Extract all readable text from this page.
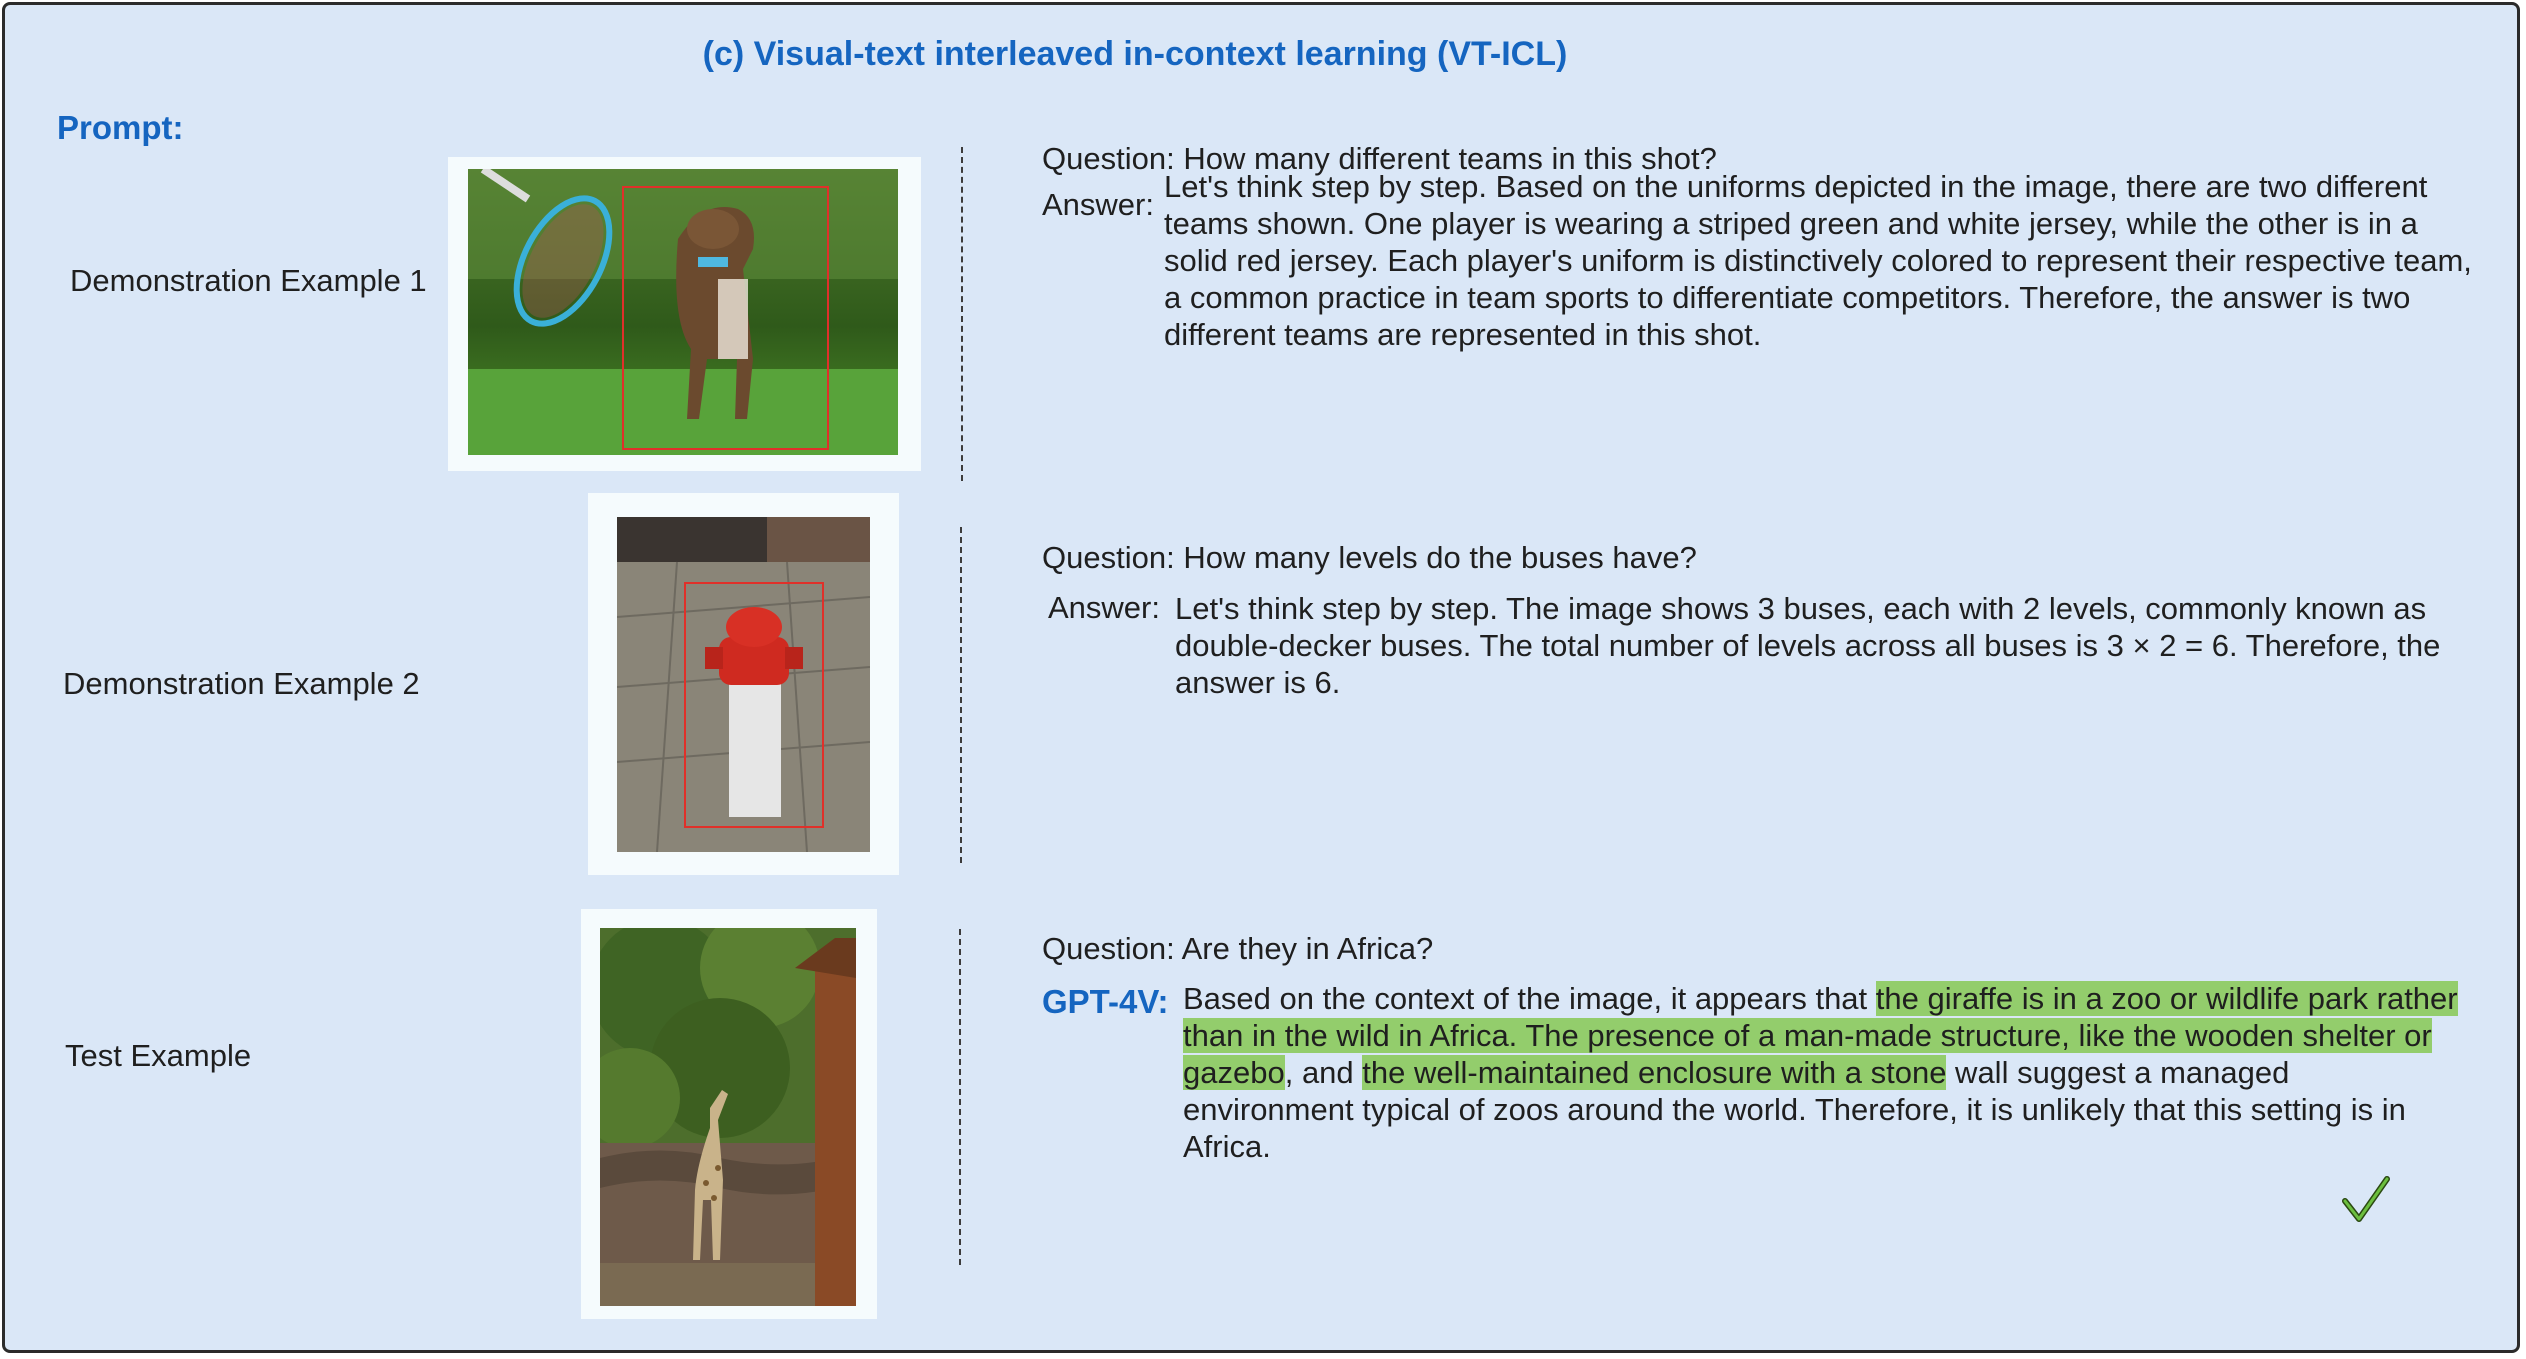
(c) Visual-text interleaved in-context learning (VT-ICL)
Prompt:
Demonstration Example 1
Question: How many different teams in this shot?
Answer:
Let's think step by step. Based on the uniforms depicted in the image, there are two different teams shown. One player is wearing a striped green and white jersey, while the other is in a solid red jersey. Each player's uniform is distinctively colored to represent their respective team, a common practice in team sports to differentiate competitors. Therefore, the answer is two different teams are represented in this shot.
Demonstration Example 2
Question: How many levels do the buses have?
Answer: Let's think step by step. The image shows 3 buses, each with 2 levels, commonly known as double-decker buses. The total number of levels across all buses is 3 × 2 = 6. Therefore, the answer is 6.
Test Example
Question: Are they in Africa?
GPT-4V: Based on the context of the image, it appears that the giraffe is in a zoo or wildlife park rather than in the wild in Africa. The presence of a man-made structure, like the wooden shelter or gazebo, and the well-maintained enclosure with a stone wall suggest a managed environment typical of zoos around the world. Therefore, it is unlikely that this setting is in Africa.
